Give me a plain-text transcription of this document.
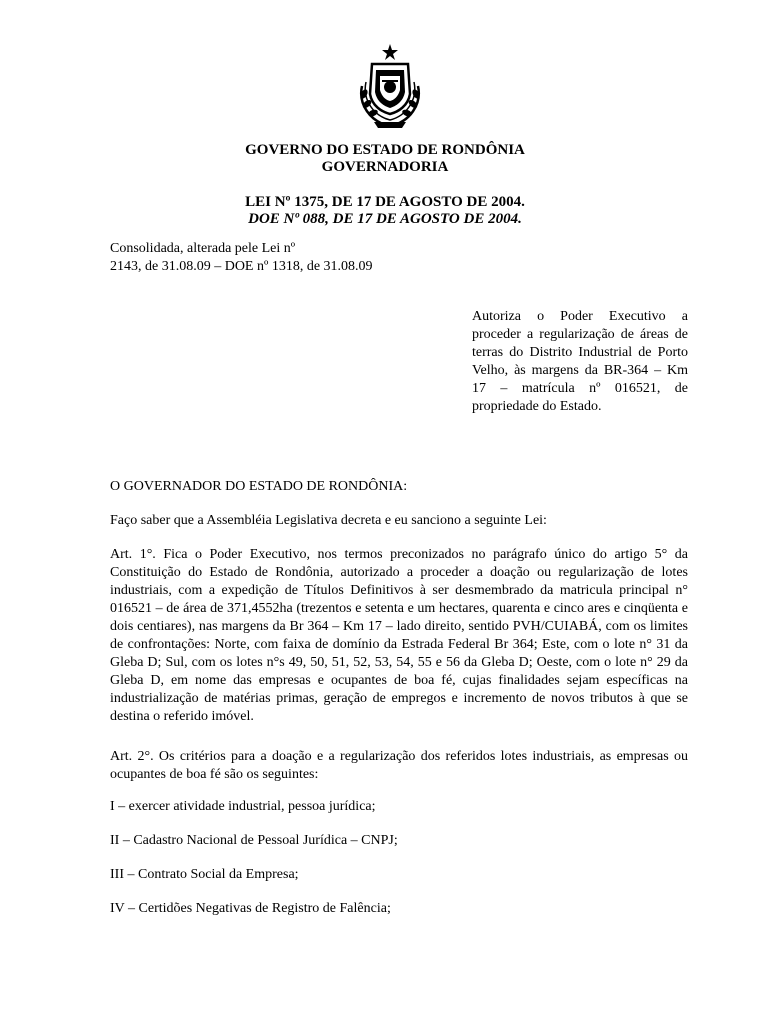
GOVERNO DO ESTADO DE RONDÔNIA
GOVERNADORIA
LEI Nº 1375, DE 17 DE AGOSTO DE 2004.
DOE Nº 088, DE 17 DE AGOSTO DE 2004.
Consolidada, alterada pele Lei nº
2143, de 31.08.09 – DOE nº 1318, de 31.08.09
Autoriza o Poder Executivo a proceder a regularização de áreas de terras do Distrito Industrial de Porto Velho, às margens da BR-364 – Km 17 – matrícula nº 016521, de propriedade do Estado.

O GOVERNADOR DO ESTADO DE RONDÔNIA:

Faço saber que a Assembléia Legislativa decreta e eu sanciono a seguinte Lei:

Art. 1°. Fica o Poder Executivo, nos termos preconizados no parágrafo único do artigo 5° da Constituição do Estado de Rondônia, autorizado a proceder a doação ou regularização de lotes industriais, com a expedição de Títulos Definitivos à ser desmembrado da matricula principal n° 016521 – de área de 371,4552ha (trezentos e setenta e um hectares, quarenta e cinco ares e cinqüenta e dois centiares), nas margens da Br 364 – Km 17 – lado direito, sentido PVH/CUIABÁ, com os limites de confrontações: Norte, com faixa de domínio da Estrada Federal Br 364; Este, com o lote n° 31 da Gleba D; Sul, com os lotes n°s 49, 50, 51, 52, 53, 54, 55 e 56 da Gleba D; Oeste, com o lote n° 29 da Gleba D, em nome das empresas e ocupantes de boa fé, cujas finalidades sejam específicas na industrialização de matérias primas, geração de empregos e incremento de novos tributos à que se destina o referido imóvel.

Art. 2°. Os critérios para a doação e a regularização dos referidos lotes industriais, as empresas ou ocupantes de boa fé são os seguintes:

I – exercer atividade industrial, pessoa jurídica;

II – Cadastro Nacional de Pessoal Jurídica – CNPJ;

III – Contrato Social da Empresa;

IV – Certidões Negativas de Registro de Falência;
